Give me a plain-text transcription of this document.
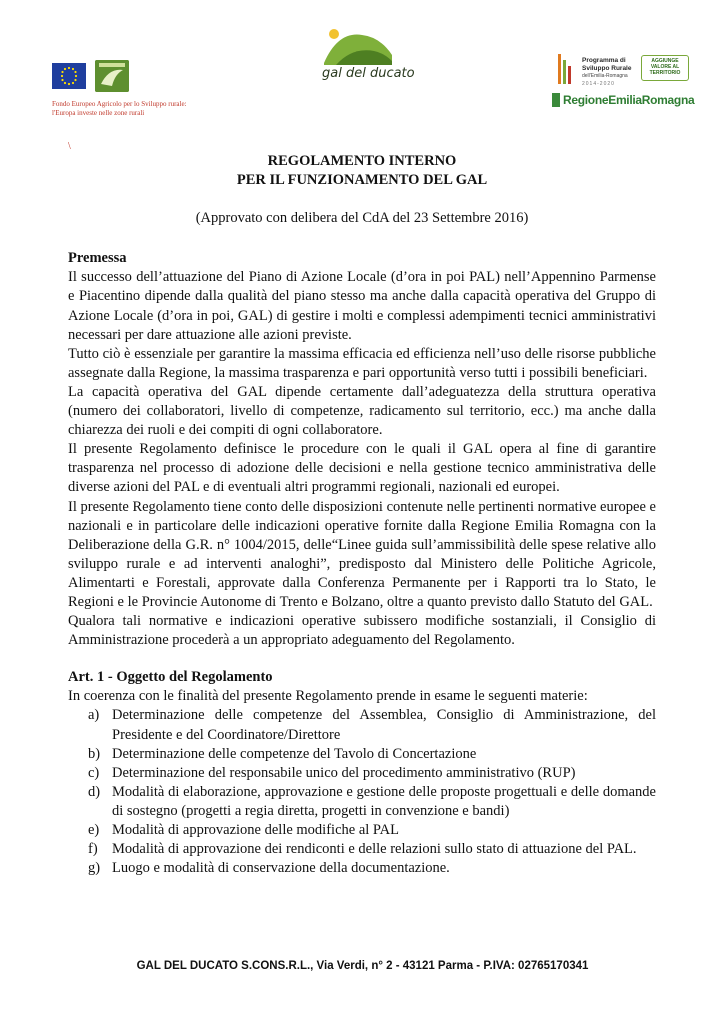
Fondo Europeo Agricolo per lo Sviluppo rurale:
l'Europa investe nelle zone rurali
gal del ducato
Programma di
Sviluppo Rurale
dell'Emilia-Romagna
2014-2020
AGGIUNGE VALORE AL TERRITORIO
RegioneEmiliaRomagna
\
REGOLAMENTO INTERNO
PER IL FUNZIONAMENTO DEL GAL
(Approvato con delibera del CdA del 23 Settembre 2016)
Premessa

Il successo dell’attuazione del Piano di Azione Locale (d’ora in poi PAL) nell’Appennino Parmense e Piacentino dipende dalla qualità del piano stesso ma anche dalla capacità operativa del Gruppo di Azione Locale (d’ora in poi, GAL) di gestire i molti e complessi adempimenti tecnici amministrativi necessari per dare attuazione alle azioni previste.

Tutto ciò è essenziale per garantire la massima efficacia ed efficienza nell’uso delle risorse pubbliche assegnate dalla Regione, la massima trasparenza e pari opportunità verso tutti i possibili beneficiari.

La capacità operativa del GAL dipende certamente dall’adeguatezza della struttura operativa (numero dei collaboratori, livello di competenze, radicamento sul territorio, ecc.) ma anche dalla chiarezza dei ruoli e dei compiti di ogni collaboratore.

Il presente Regolamento definisce le procedure con le quali il GAL opera al fine di garantire trasparenza nel processo di adozione delle decisioni e nella gestione tecnico amministrativa delle diverse azioni del PAL e di eventuali altri programmi regionali, nazionali ed europei.

Il presente Regolamento tiene conto delle disposizioni contenute nelle pertinenti normative europee e nazionali e in particolare delle indicazioni operative fornite dalla Regione Emilia Romagna con la Deliberazione della G.R. n° 1004/2015, delle“Linee guida sull’ammissibilità delle spese relative allo sviluppo rurale e ad interventi analoghi”, predisposto dal Ministero delle Politiche Agricole, Alimentarti e Forestali, approvate dalla Conferenza Permanente per i Rapporti tra lo Stato, le Regioni e le Provincie Autonome di Trento e Bolzano, oltre a quanto previsto dallo Statuto del GAL.

Qualora tali normative e indicazioni operative subissero modifiche sostanziali, il Consiglio di Amministrazione procederà a un appropriato adeguamento del Regolamento.

Art. 1 - Oggetto del Regolamento

In coerenza con le finalità del presente Regolamento prende in esame le seguenti materie:

a) Determinazione delle competenze del Assemblea, Consiglio di Amministrazione, del Presidente e del Coordinatore/Direttore
b) Determinazione delle competenze del Tavolo di Concertazione
c) Determinazione del responsabile unico del procedimento amministrativo (RUP)
d) Modalità di elaborazione, approvazione e gestione delle proposte progettuali e delle domande di sostegno (progetti a regia diretta, progetti in convenzione e bandi)
e) Modalità di approvazione delle modifiche al PAL
f) Modalità di approvazione dei rendiconti e delle relazioni sullo stato di attuazione del PAL.
g) Luogo e modalità di conservazione della documentazione.
GAL DEL DUCATO S.CONS.R.L., Via Verdi, n° 2 - 43121 Parma - P.IVA: 02765170341
